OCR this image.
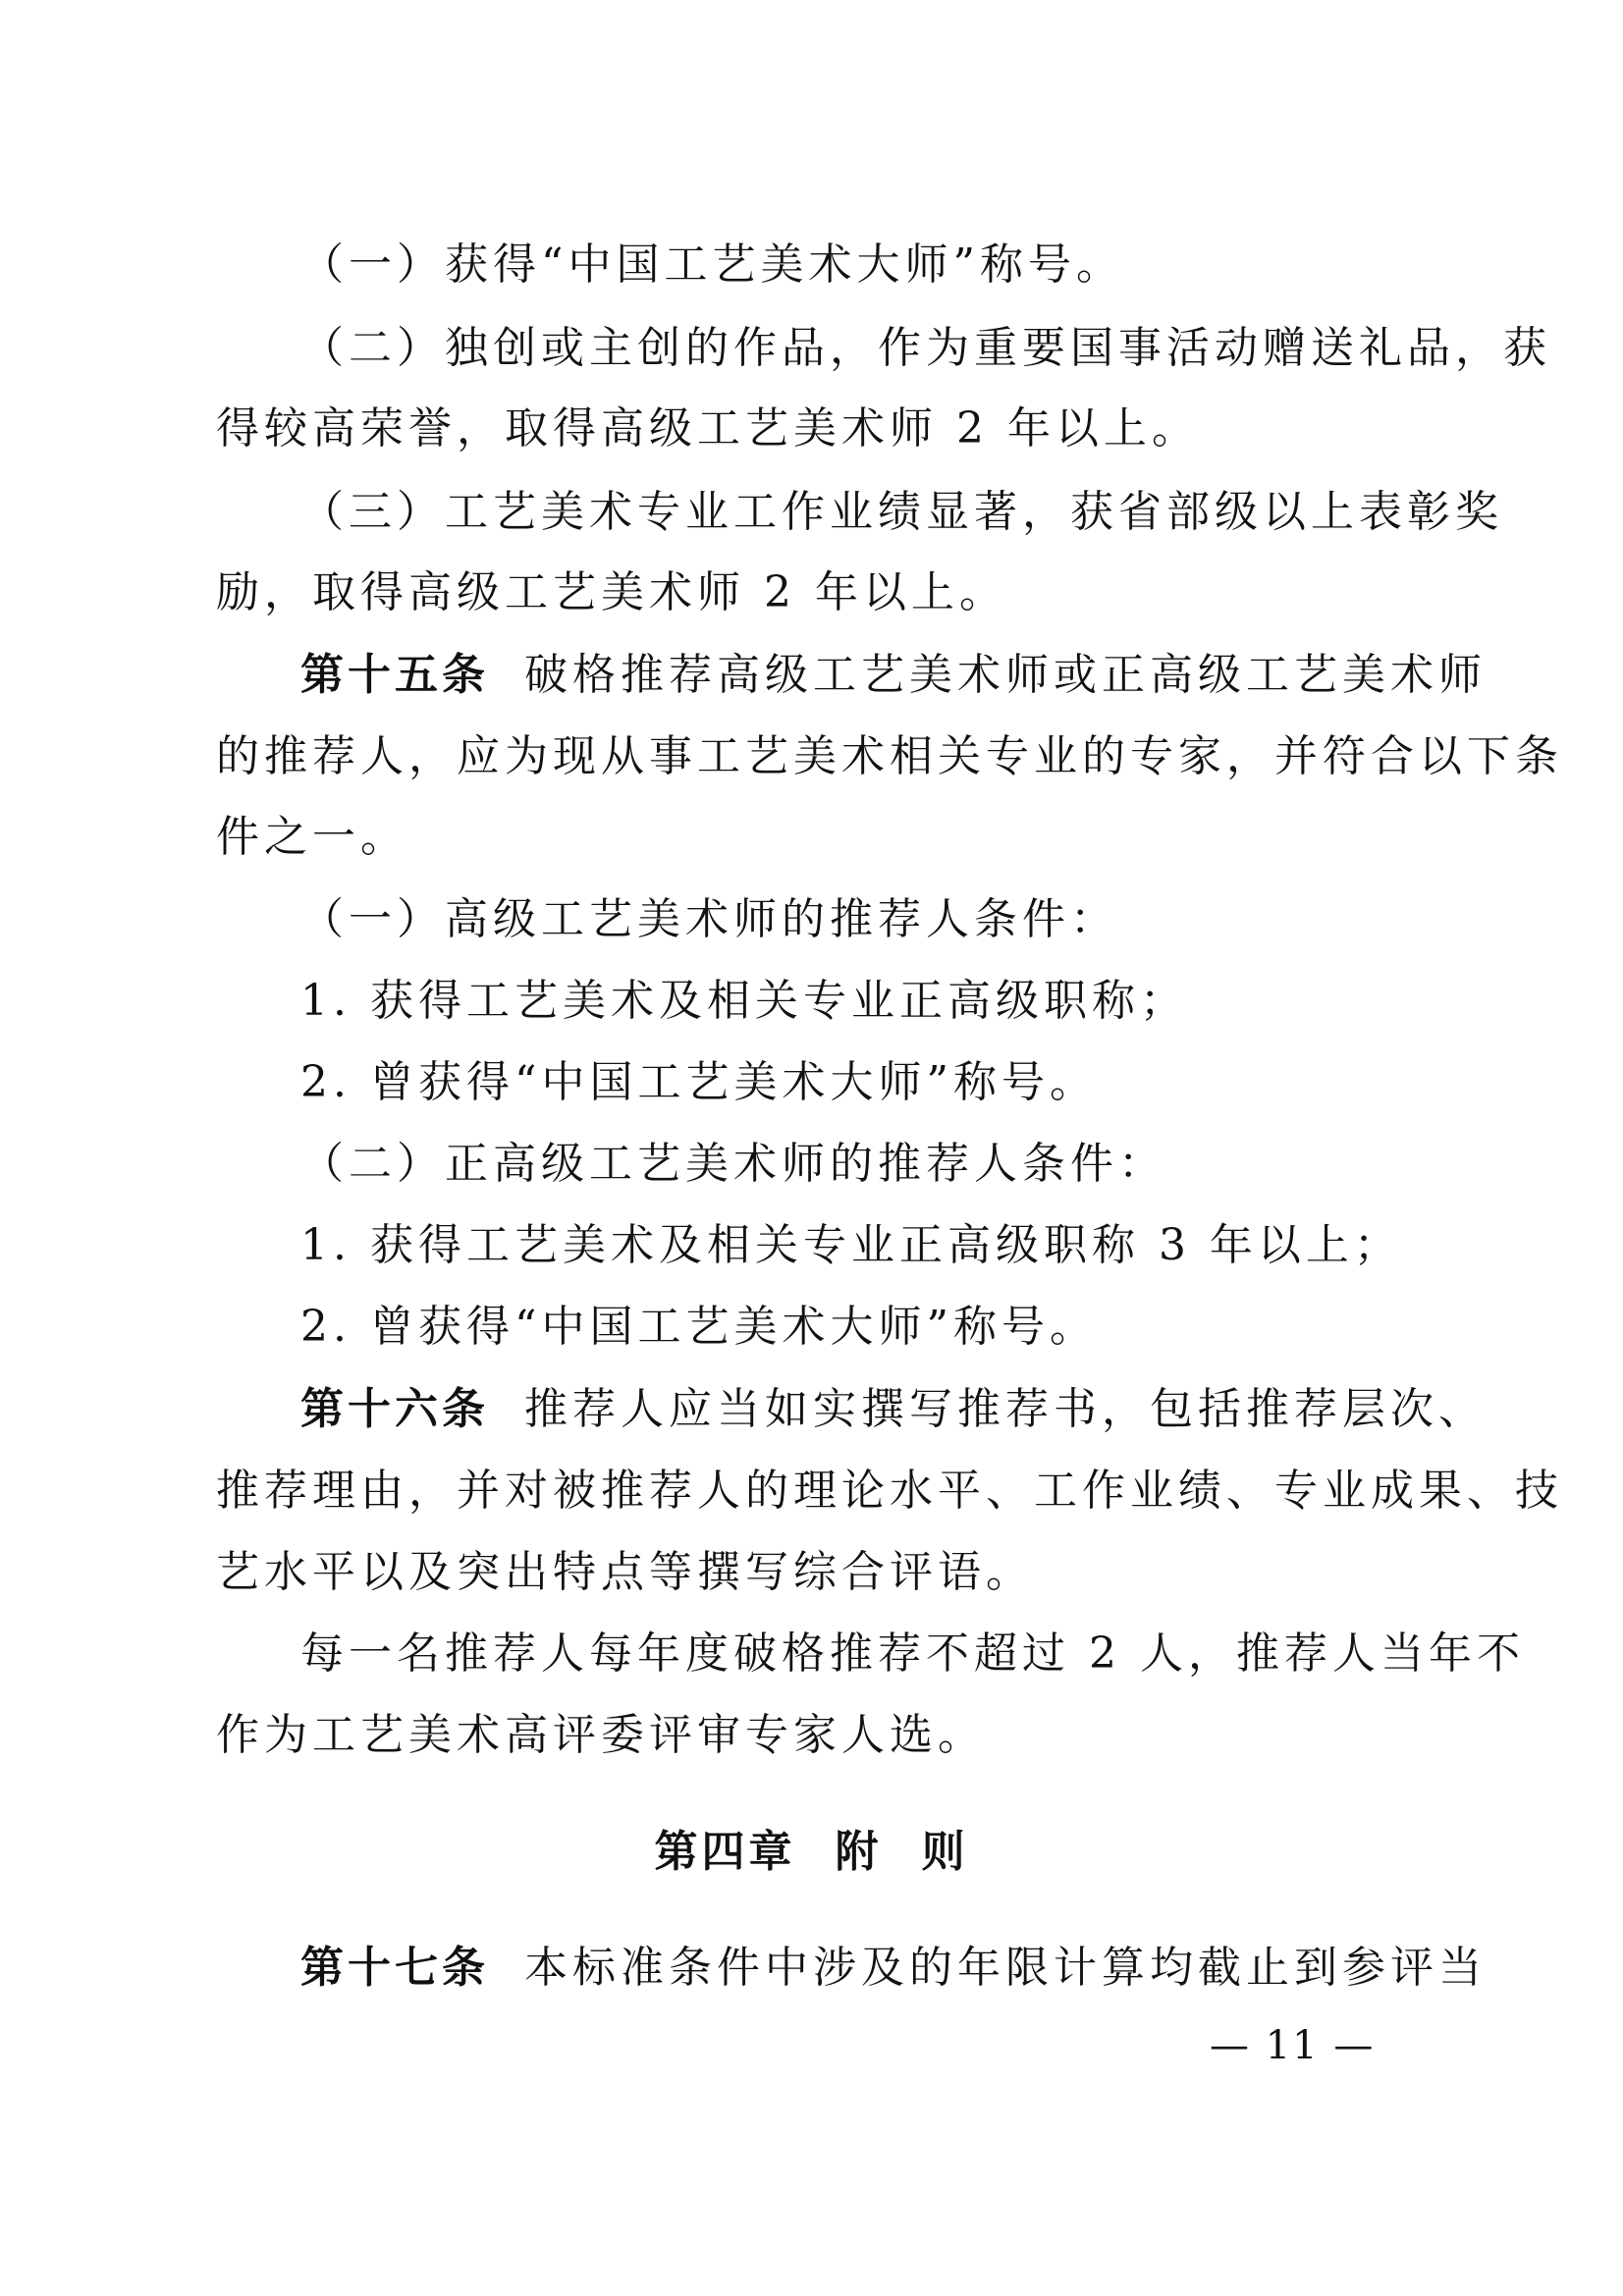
（一）获得“中国工艺美术大师”称号。
（二）独创或主创的作品，作为重要国事活动赠送礼品，获
得较高荣誉，取得高级工艺美术师 2 年以上。
（三）工艺美术专业工作业绩显著，获省部级以上表彰奖
励，取得高级工艺美术师 2 年以上。
第十五条 破格推荐高级工艺美术师或正高级工艺美术师
的推荐人，应为现从事工艺美术相关专业的专家，并符合以下条
件之一。
（一）高级工艺美术师的推荐人条件：
1. 获得工艺美术及相关专业正高级职称；
2. 曾获得“中国工艺美术大师”称号。
（二）正高级工艺美术师的推荐人条件：
1. 获得工艺美术及相关专业正高级职称 3 年以上；
2. 曾获得“中国工艺美术大师”称号。
第十六条 推荐人应当如实撰写推荐书，包括推荐层次、
推荐理由，并对被推荐人的理论水平、工作业绩、专业成果、技
艺水平以及突出特点等撰写综合评语。
每一名推荐人每年度破格推荐不超过 2 人，推荐人当年不
作为工艺美术高评委评审专家人选。
第四章 附 则
第十七条 本标准条件中涉及的年限计算均截止到参评当
— 11 —
